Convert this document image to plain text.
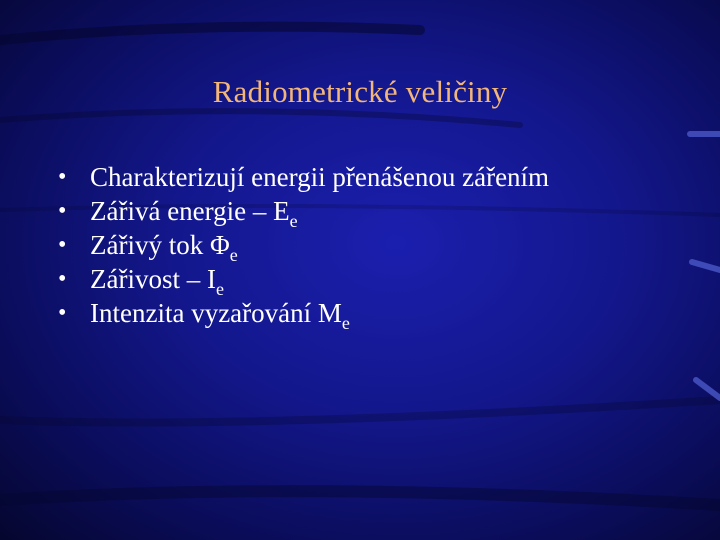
Radiometrické veličiny
• Charakterizují energii přenášenou zářením
• Zářivá energie – $E_e$
• Zářivý tok $\Phi_e$
• Zářivost – $I_e$
• Intenzita vyzařování $M_e$
